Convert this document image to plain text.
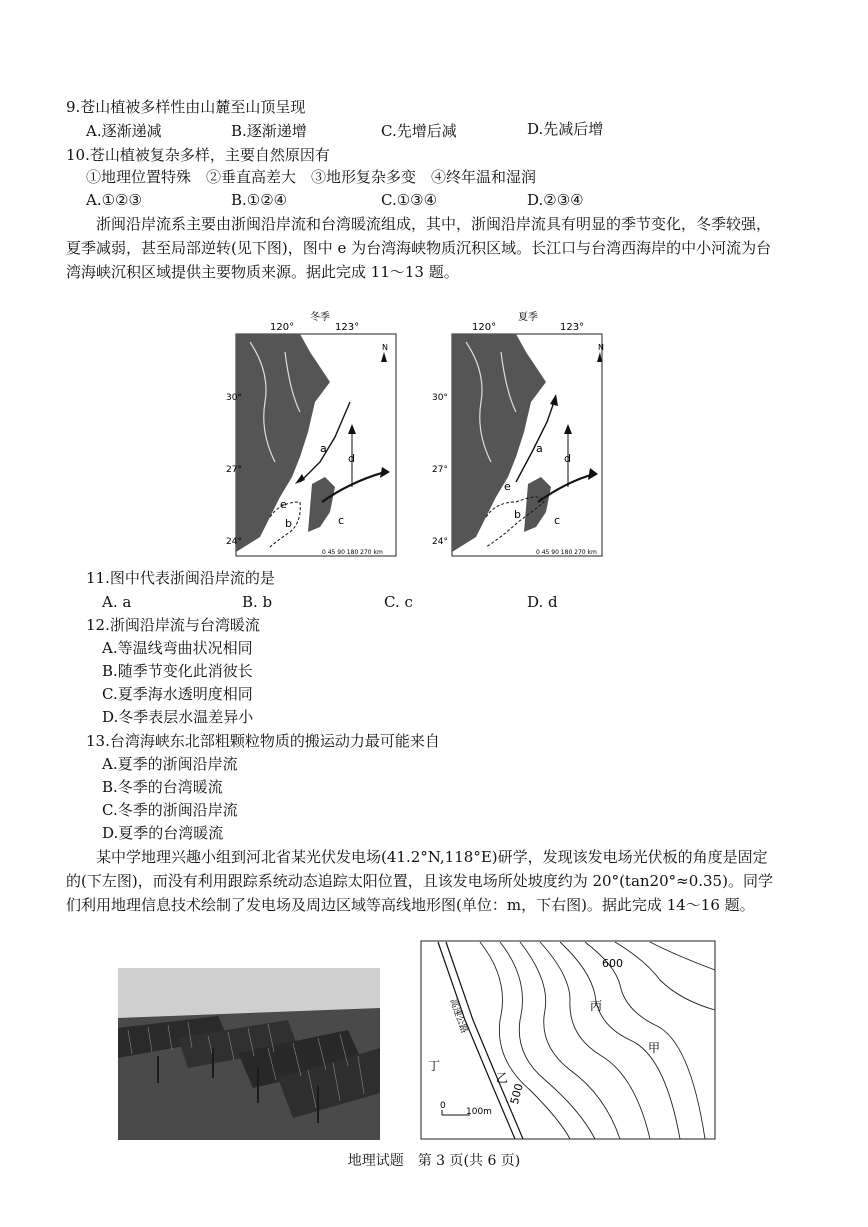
9.苍山植被多样性由山麓至山顶呈现
A.逐渐递减	B.逐渐递增	C.先增后减	D.先减后增
10.苍山植被复杂多样，主要自然原因有
①地理位置特殊　②垂直高差大　③地形复杂多变　④终年温和湿润
A.①②③	B.①②④	C.①③④	D.②③④
　　浙闽沿岸流系主要由浙闽沿岸流和台湾暖流组成，其中，浙闽沿岸流具有明显的季节变化，冬季较强，夏季减弱，甚至局部逆转(见下图)，图中 e 为台湾海峡物质沉积区域。长江口与台湾西海岸的中小河流为台湾海峡沉积区域提供主要物质来源。据此完成 11～13 题。
冬季
120°	123°
30°
27°
24°
N
a
b	c
d
e
台湾岛
0 45 90 180 270 km
夏季
120°	123°
30°
27°
24°
N
a
b	c
d
e
台湾岛
0 45 90 180 270 km
11.图中代表浙闽沿岸流的是
A. a	B. b	C. c	D. d
12.浙闽沿岸流与台湾暖流
A.等温线弯曲状况相同
B.随季节变化此消彼长
C.夏季海水透明度相同
D.冬季表层水温差异小
13.台湾海峡东北部粗颗粒物质的搬运动力最可能来自
A.夏季的浙闽沿岸流
B.冬季的台湾暖流
C.冬季的浙闽沿岸流
D.夏季的台湾暖流
　　某中学地理兴趣小组到河北省某光伏发电场(41.2°N,118°E)研学，发现该发电场光伏板的角度是固定的(下左图)，而没有利用跟踪系统动态追踪太阳位置，且该发电场所处坡度约为 20°(tan20°≈0.35)。同学们利用地理信息技术绘制了发电场及周边区域等高线地形图(单位：m，下右图)。据此完成 14～16 题。
高速公路
600
500
丙
甲
乙
丁
0
100m
地理试题　第 3 页(共 6 页)
